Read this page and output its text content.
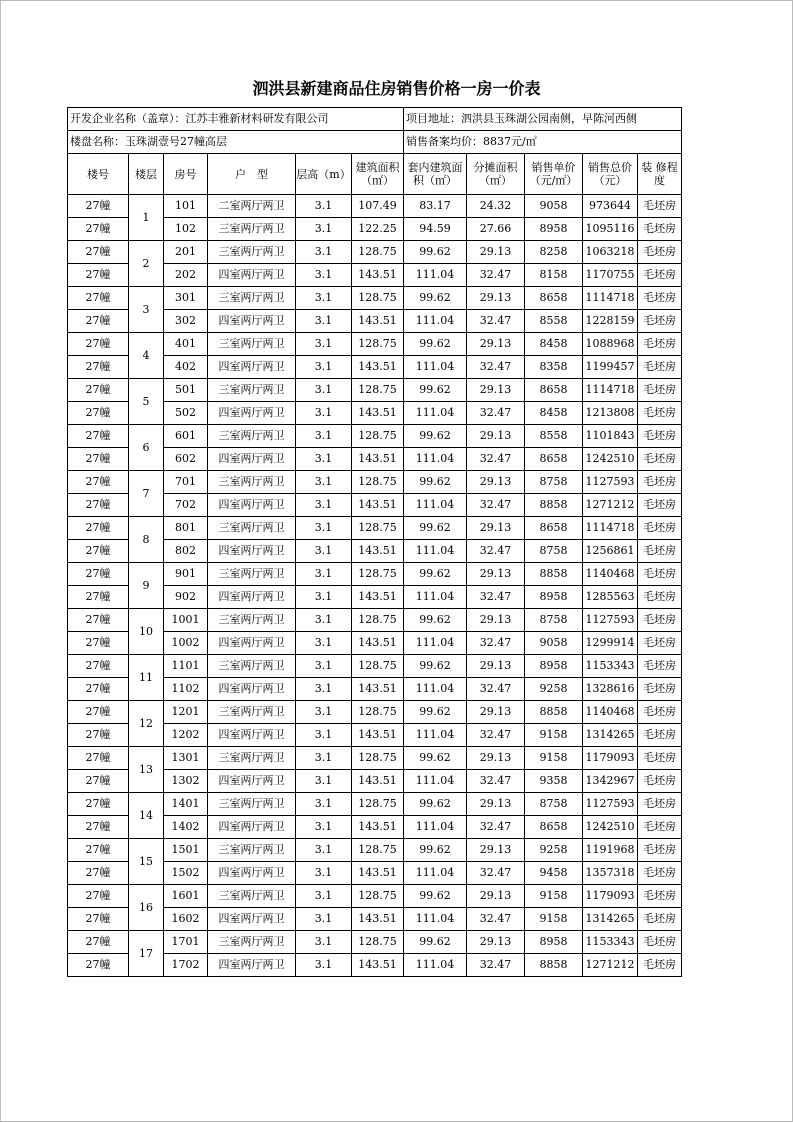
泗洪县新建商品住房销售价格一房一价表
开发企业名称（盖章）：江苏丰雅新材料研发有限公司						项目地址：泗洪县玉珠湖公园南侧，早陈河西侧				
楼盘名称：玉珠湖壹号27幢高层						销售备案均价：8837元/㎡				
楼号	楼层	房号	户　型	层高（m）	建筑面积（㎡）	套内建筑面积（㎡）	分摊面积（㎡）	销售单价（元/㎡）	销售总价（元）	装 修程 度
27幢	1	101	二室两厅两卫	3.1	107.49	83.17	24.32	9058	973644	毛坯房
27幢		102	三室两厅两卫	3.1	122.25	94.59	27.66	8958	1095116	毛坯房
27幢	2	201	三室两厅两卫	3.1	128.75	99.62	29.13	8258	1063218	毛坯房
27幢		202	四室两厅两卫	3.1	143.51	111.04	32.47	8158	1170755	毛坯房
27幢	3	301	三室两厅两卫	3.1	128.75	99.62	29.13	8658	1114718	毛坯房
27幢		302	四室两厅两卫	3.1	143.51	111.04	32.47	8558	1228159	毛坯房
27幢	4	401	三室两厅两卫	3.1	128.75	99.62	29.13	8458	1088968	毛坯房
27幢		402	四室两厅两卫	3.1	143.51	111.04	32.47	8358	1199457	毛坯房
27幢	5	501	三室两厅两卫	3.1	128.75	99.62	29.13	8658	1114718	毛坯房
27幢		502	四室两厅两卫	3.1	143.51	111.04	32.47	8458	1213808	毛坯房
27幢	6	601	三室两厅两卫	3.1	128.75	99.62	29.13	8558	1101843	毛坯房
27幢		602	四室两厅两卫	3.1	143.51	111.04	32.47	8658	1242510	毛坯房
27幢	7	701	三室两厅两卫	3.1	128.75	99.62	29.13	8758	1127593	毛坯房
27幢		702	四室两厅两卫	3.1	143.51	111.04	32.47	8858	1271212	毛坯房
27幢	8	801	三室两厅两卫	3.1	128.75	99.62	29.13	8658	1114718	毛坯房
27幢		802	四室两厅两卫	3.1	143.51	111.04	32.47	8758	1256861	毛坯房
27幢	9	901	三室两厅两卫	3.1	128.75	99.62	29.13	8858	1140468	毛坯房
27幢		902	四室两厅两卫	3.1	143.51	111.04	32.47	8958	1285563	毛坯房
27幢	10	1001	三室两厅两卫	3.1	128.75	99.62	29.13	8758	1127593	毛坯房
27幢		1002	四室两厅两卫	3.1	143.51	111.04	32.47	9058	1299914	毛坯房
27幢	11	1101	三室两厅两卫	3.1	128.75	99.62	29.13	8958	1153343	毛坯房
27幢		1102	四室两厅两卫	3.1	143.51	111.04	32.47	9258	1328616	毛坯房
27幢	12	1201	三室两厅两卫	3.1	128.75	99.62	29.13	8858	1140468	毛坯房
27幢		1202	四室两厅两卫	3.1	143.51	111.04	32.47	9158	1314265	毛坯房
27幢	13	1301	三室两厅两卫	3.1	128.75	99.62	29.13	9158	1179093	毛坯房
27幢		1302	四室两厅两卫	3.1	143.51	111.04	32.47	9358	1342967	毛坯房
27幢	14	1401	三室两厅两卫	3.1	128.75	99.62	29.13	8758	1127593	毛坯房
27幢		1402	四室两厅两卫	3.1	143.51	111.04	32.47	8658	1242510	毛坯房
27幢	15	1501	三室两厅两卫	3.1	128.75	99.62	29.13	9258	1191968	毛坯房
27幢		1502	四室两厅两卫	3.1	143.51	111.04	32.47	9458	1357318	毛坯房
27幢	16	1601	三室两厅两卫	3.1	128.75	99.62	29.13	9158	1179093	毛坯房
27幢		1602	四室两厅两卫	3.1	143.51	111.04	32.47	9158	1314265	毛坯房
27幢	17	1701	三室两厅两卫	3.1	128.75	99.62	29.13	8958	1153343	毛坯房
27幢		1702	四室两厅两卫	3.1	143.51	111.04	32.47	8858	1271212	毛坯房
